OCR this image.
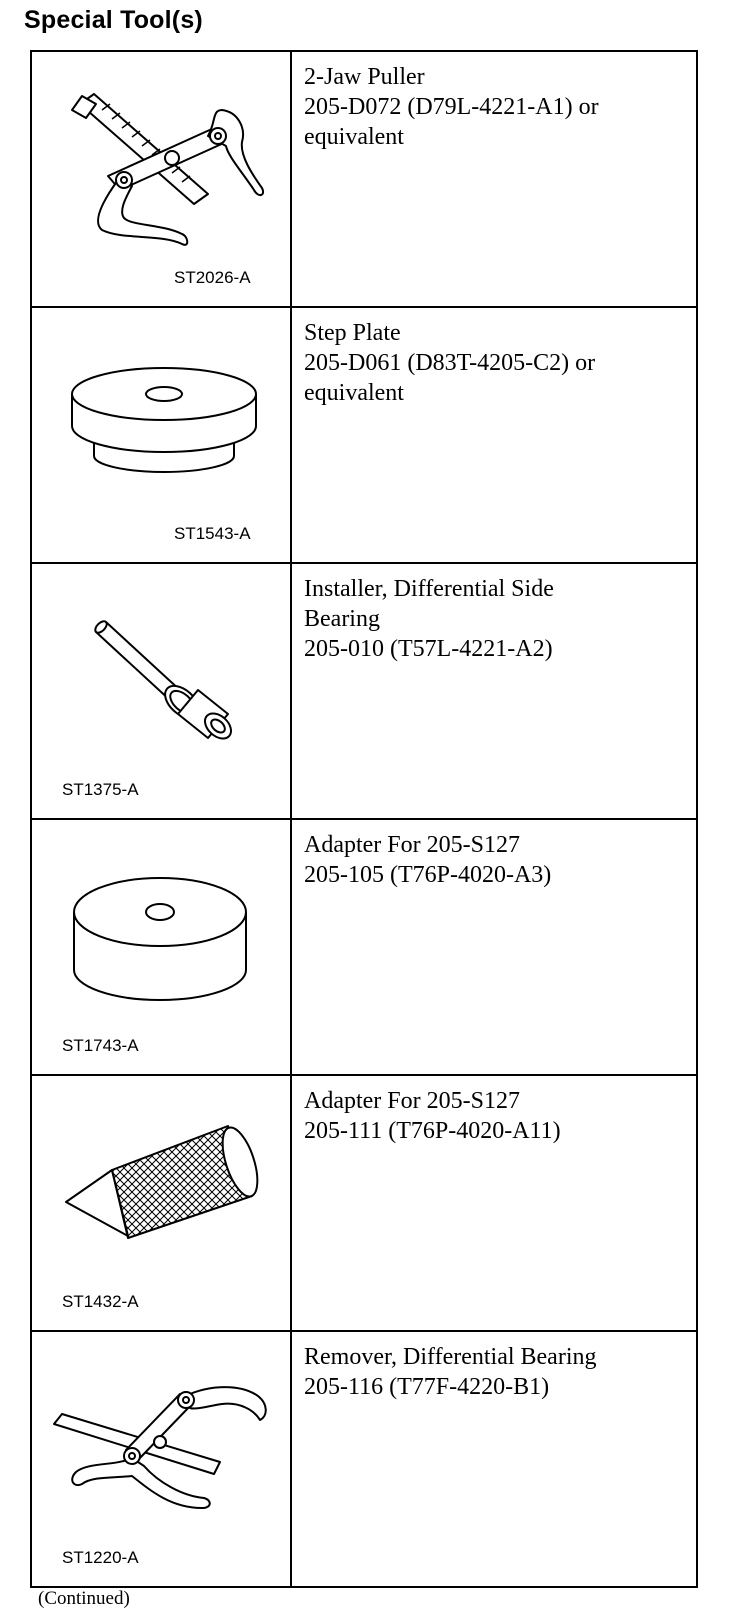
Special Tool(s)
ST2026-A	2-Jaw Puller
205-D072 (D79L-4221-A1) or
equivalent

ST1543-A	Step Plate
205-D061 (D83T-4205-C2) or
equivalent

ST1375-A	Installer, Differential Side
Bearing
205-010 (T57L-4221-A2)

ST1743-A	Adapter For 205-S127
205-105 (T76P-4020-A3)

ST1432-A	Adapter For 205-S127
205-111 (T76P-4020-A11)

ST1220-A	Remover, Differential Bearing
205-116 (T77F-4220-B1)
(Continued)
